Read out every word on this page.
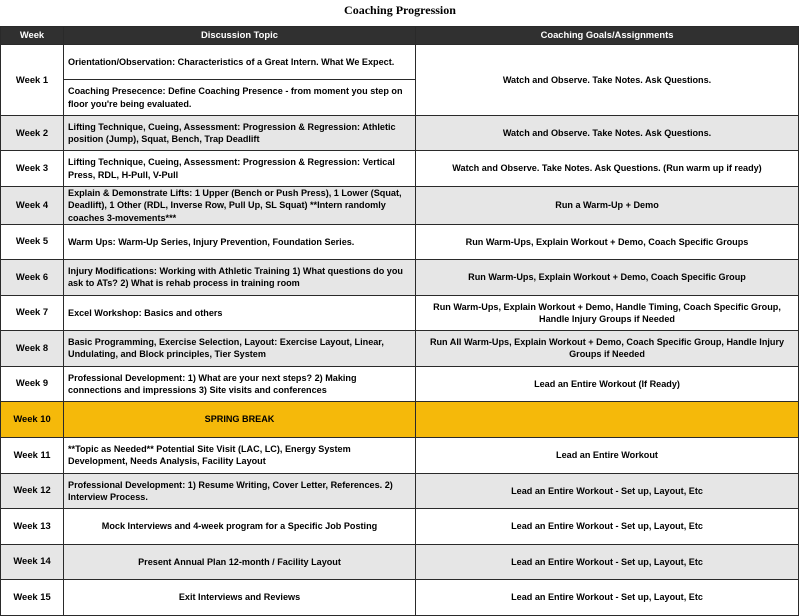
Coaching Progression
Week	Discussion Topic	Coaching Goals/Assignments
Week 1	Orientation/Observation: Characteristics of a Great Intern. What We Expect.	Watch and Observe. Take Notes. Ask Questions.
	Coaching Presecence: Define Coaching Presence - from moment you step on floor you're being evaluated.	
Week 2	Lifting Technique, Cueing, Assessment: Progression & Regression: Athletic position (Jump), Squat, Bench, Trap Deadlift	Watch and Observe. Take Notes. Ask Questions.
Week 3	Lifting Technique, Cueing, Assessment: Progression & Regression: Vertical Press, RDL, H-Pull, V-Pull	Watch and Observe. Take Notes. Ask Questions. (Run warm up if ready)
Week 4	Explain & Demonstrate Lifts: 1 Upper (Bench or Push Press), 1 Lower (Squat, Deadlift), 1 Other (RDL, Inverse Row, Pull Up, SL Squat) **Intern randomly coaches 3-movements***	Run a Warm-Up + Demo
Week 5	Warm Ups: Warm-Up Series, Injury Prevention, Foundation Series.	Run Warm-Ups, Explain Workout + Demo, Coach Specific Groups
Week 6	Injury Modifications: Working with Athletic Training 1) What questions do you ask to ATs? 2) What is rehab process in training room	Run Warm-Ups, Explain Workout + Demo, Coach Specific Group
Week 7	Excel Workshop: Basics and others	Run Warm-Ups, Explain Workout + Demo, Handle Timing, Coach Specific Group, Handle Injury Groups if Needed
Week 8	Basic Programming, Exercise Selection, Layout: Exercise Layout, Linear, Undulating, and Block principles, Tier System	Run All Warm-Ups, Explain Workout + Demo, Coach Specific Group, Handle Injury Groups if Needed
Week 9	Professional Development: 1) What are your next steps? 2) Making connections and impressions 3) Site visits and conferences	Lead an Entire Workout (If Ready)
Week 10	SPRING BREAK	
Week 11	**Topic as Needed** Potential Site Visit (LAC, LC), Energy System Development, Needs Analysis, Facility Layout	Lead an Entire Workout
Week 12	Professional Development: 1) Resume Writing, Cover Letter, References. 2) Interview Process.	Lead an Entire Workout - Set up, Layout, Etc
Week 13	Mock Interviews and 4-week program for a Specific Job Posting	Lead an Entire Workout - Set up, Layout, Etc
Week 14	Present Annual Plan 12-month / Facility Layout	Lead an Entire Workout - Set up, Layout, Etc
Week 15	Exit Interviews and Reviews	Lead an Entire Workout - Set up, Layout, Etc
